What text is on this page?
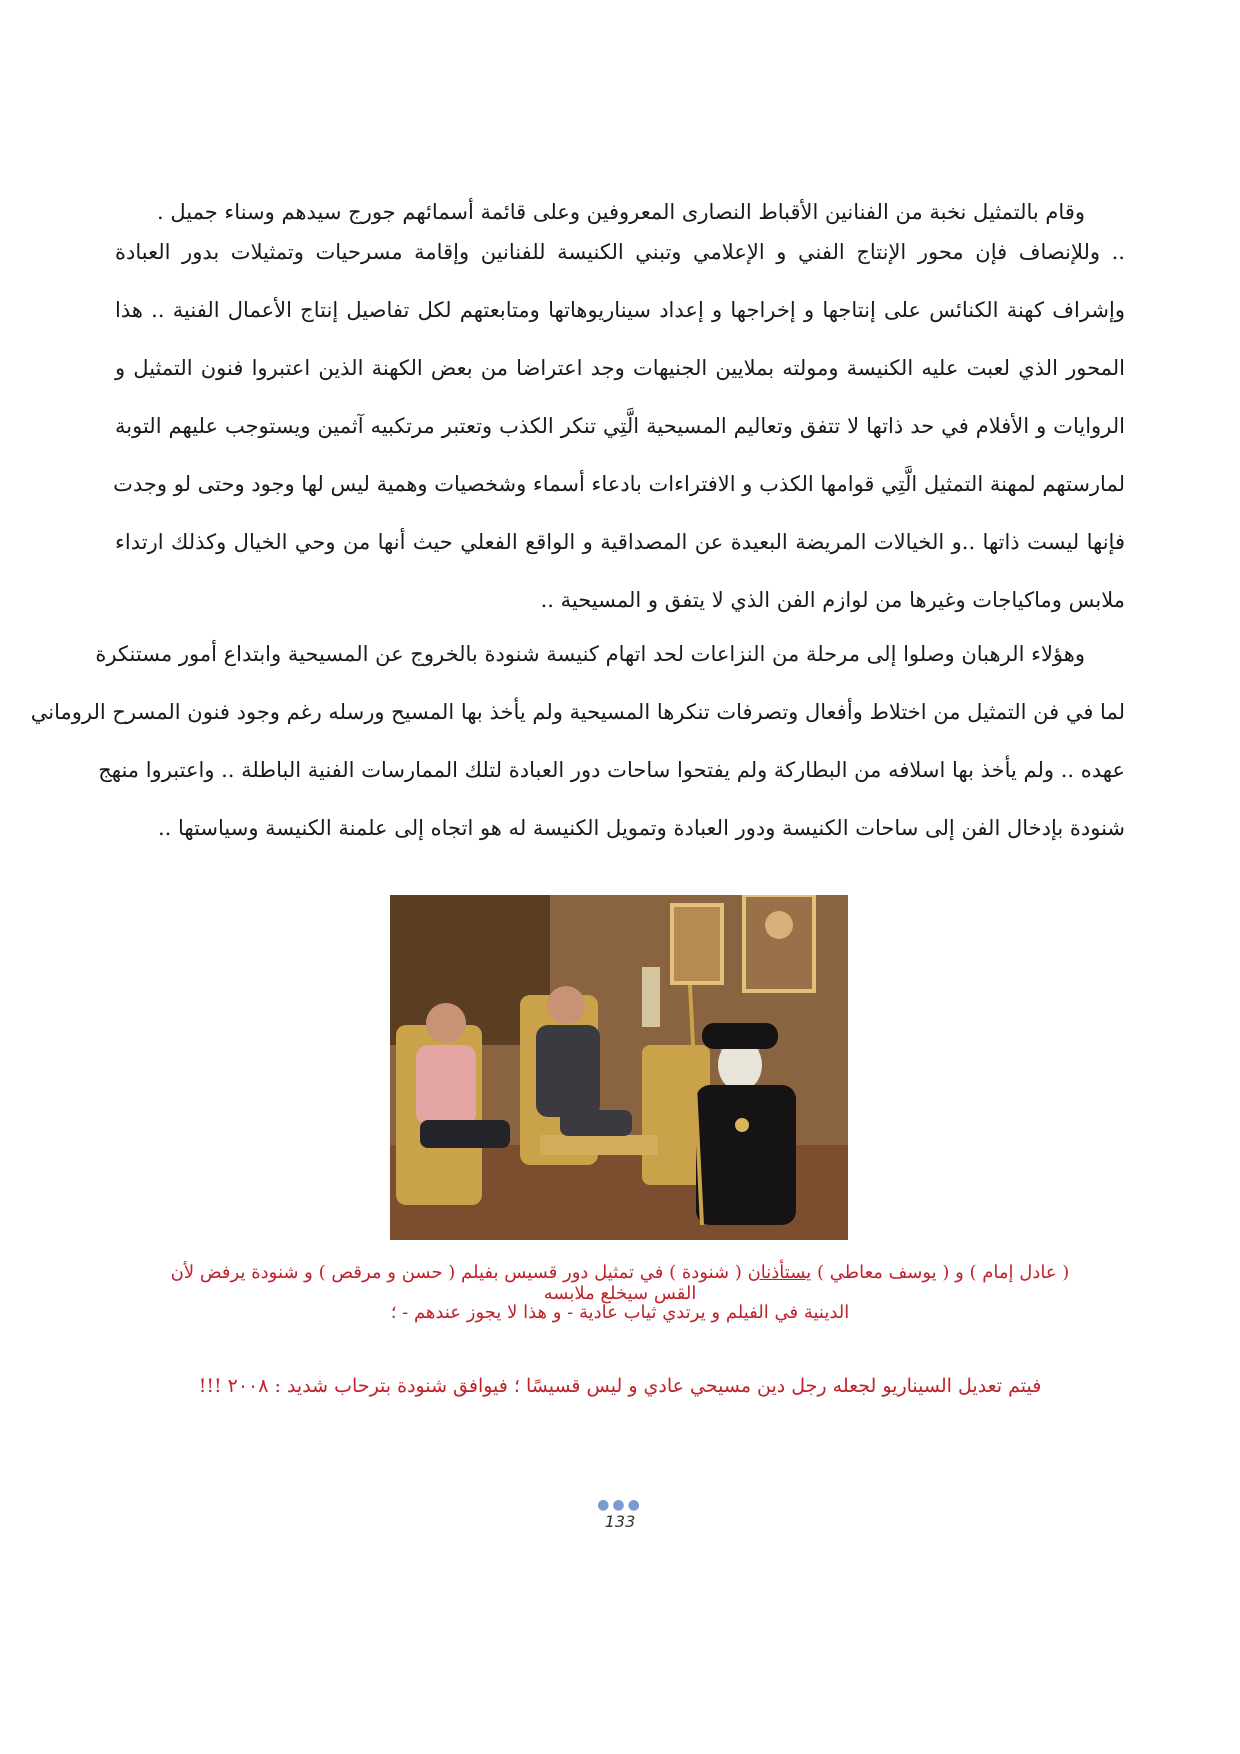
وقام بالتمثيل نخبة من الفنانين الأقباط النصارى المعروفين وعلى قائمة أسمائهم جورج سيدهم وسناء جميل .
.. وللإنصاف فإن محور الإنتاج الفني و الإعلامي وتبني الكنيسة للفنانين وإقامة مسرحيات وتمثيلات بدور العبادة
وإشراف كهنة الكنائس على إنتاجها و إخراجها و إعداد سيناريوهاتها ومتابعتهم لكل تفاصيل إنتاج الأعمال الفنية .. هذا
المحور الذي لعبت عليه الكنيسة ومولته بملايين الجنيهات وجد اعتراضا من بعض الكهنة الذين اعتبروا فنون التمثيل و
الروايات و الأفلام في حد ذاتها لا تتفق وتعاليم المسيحية الَّتِي تنكر الكذب وتعتبر مرتكبيه آثمين ويستوجب عليهم التوبة
لمارستهم لمهنة التمثيل الَّتِي قوامها الكذب و الافتراءات بادعاء أسماء وشخصيات وهمية ليس لها وجود وحتى لو وجدت
فإنها ليست ذاتها ..و الخيالات المريضة البعيدة عن المصداقية و الواقع الفعلي حيث أنها من وحي الخيال وكذلك ارتداء
ملابس وماكياجات وغيرها من لوازم الفن الذي لا يتفق و المسيحية ..
وهؤلاء الرهبان وصلوا إلى مرحلة من النزاعات لحد اتهام كنيسة شنودة بالخروج عن المسيحية وابتداع أمور مستنكرة
لما في فن التمثيل من اختلاط وأفعال وتصرفات تنكرها المسيحية ولم يأخذ بها المسيح ورسله رغم وجود فنون المسرح الروماني
عهده .. ولم يأخذ بها اسلافه من البطاركة ولم يفتحوا ساحات دور العبادة لتلك الممارسات الفنية الباطلة .. واعتبروا منهج
شنودة بإدخال الفن إلى ساحات الكنيسة ودور العبادة وتمويل الكنيسة له هو اتجاه إلى علمنة الكنيسة وسياستها ..
( عادل إمام ) و ( يوسف معاطي ) يستأذنان ( شنودة ) في تمثيل دور قسيس بفيلم ( حسن و مرقص ) و شنودة يرفض لأن القس سيخلع ملابسه
الدينية في الفيلم و يرتدي ثياب عادية - و هذا لا يجوز عندهم - ؛
فيتم تعديل السيناريو لجعله رجل دين مسيحي عادي و ليس قسيسًا ؛ فيوافق شنودة بترحاب شديد : ٢٠٠٨ !!!
●●●
133
